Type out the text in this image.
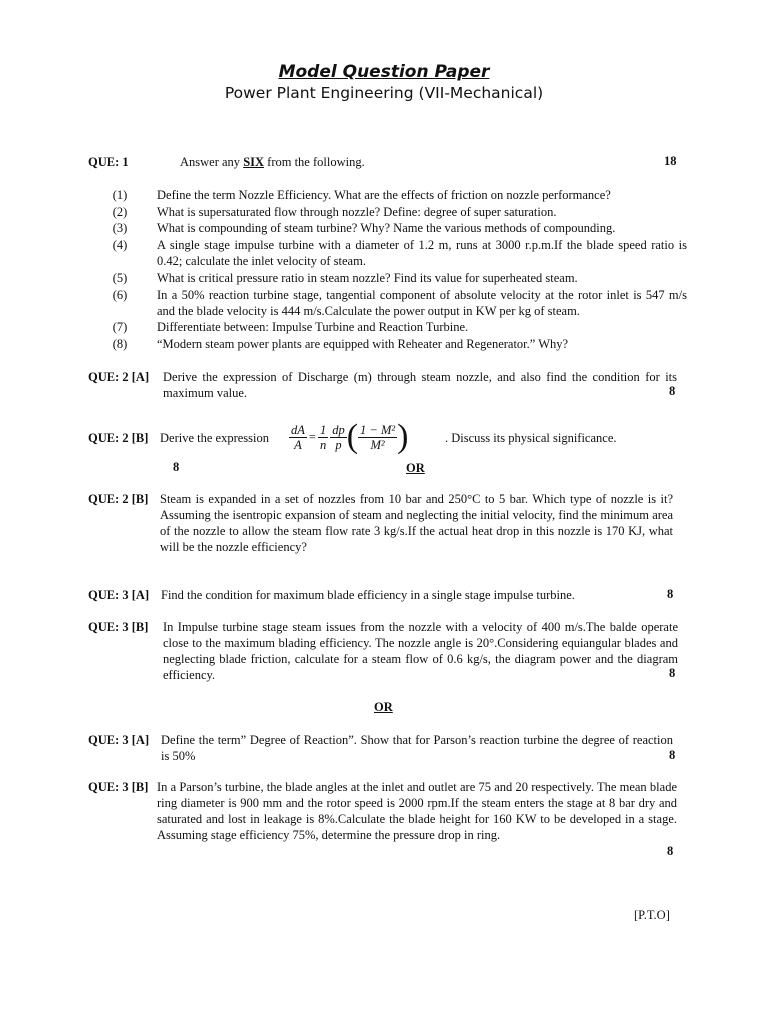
Model Question Paper
Power Plant Engineering (VII-Mechanical)
QUE: 1	Answer any SIX from the following.	18
(1)	Define the term Nozzle Efficiency. What are the effects of friction on nozzle performance?
(2)	What is supersaturated flow through nozzle? Define: degree of super saturation.
(3)	What is compounding of steam turbine? Why? Name the various methods of compounding.
(4)	A single stage impulse turbine with a diameter of 1.2 m, runs at 3000 r.p.m.If the blade speed ratio is 0.42; calculate the inlet velocity of steam.
(5)	What is critical pressure ratio in steam nozzle? Find its value for superheated steam.
(6)	In a 50% reaction turbine stage, tangential component of absolute velocity at the rotor inlet is 547 m/s and the blade velocity is 444 m/s.Calculate the power output in KW per kg of steam.
(7)	Differentiate between: Impulse Turbine and Reaction Turbine.
(8)	“Modern steam power plants are equipped with Reheater and Regenerator.” Why?
QUE: 2 [A] Derive the expression of Discharge (m) through steam nozzle, and also find the condition for its maximum value.	8
QUE: 2 [B] Derive the expression $\frac{dA}{A} = \frac{1}{n} \frac{dp}{p}$ ( $\frac{\text{1 − M²}}{\text{M²}}$ )	. Discuss its physical significance.
8	OR
QUE: 2 [B] Steam is expanded in a set of nozzles from 10 bar and 250°C to 5 bar. Which type of nozzle is it? Assuming the isentropic expansion of steam and neglecting the initial velocity, find the minimum area of the nozzle to allow the steam flow rate 3 kg/s.If the actual heat drop in this nozzle is 170 KJ, what will be the nozzle efficiency?
QUE: 3 [A] Find the condition for maximum blade efficiency in a single stage impulse turbine.	8
QUE: 3 [B] In Impulse turbine stage steam issues from the nozzle with a velocity of 400 m/s.The balde operate close to the maximum blading efficiency. The nozzle angle is 20°.Considering equiangular blades and neglecting blade friction, calculate for a steam flow of 0.6 kg/s, the diagram power and the diagram efficiency.	8
OR
QUE: 3 [A] Define the term” Degree of Reaction”. Show that for Parson’s reaction turbine the degree of reaction is 50%	8
QUE: 3 [B] In a Parson’s turbine, the blade angles at the inlet and outlet are 75 and 20 respectively. The mean blade ring diameter is 900 mm and the rotor speed is 2000 rpm.If the steam enters the stage at 8 bar dry and saturated and lost in leakage is 8%.Calculate the blade height for 160 KW to be developed in a stage. Assuming stage efficiency 75%, determine the pressure drop in ring.
8
[P.T.O]
